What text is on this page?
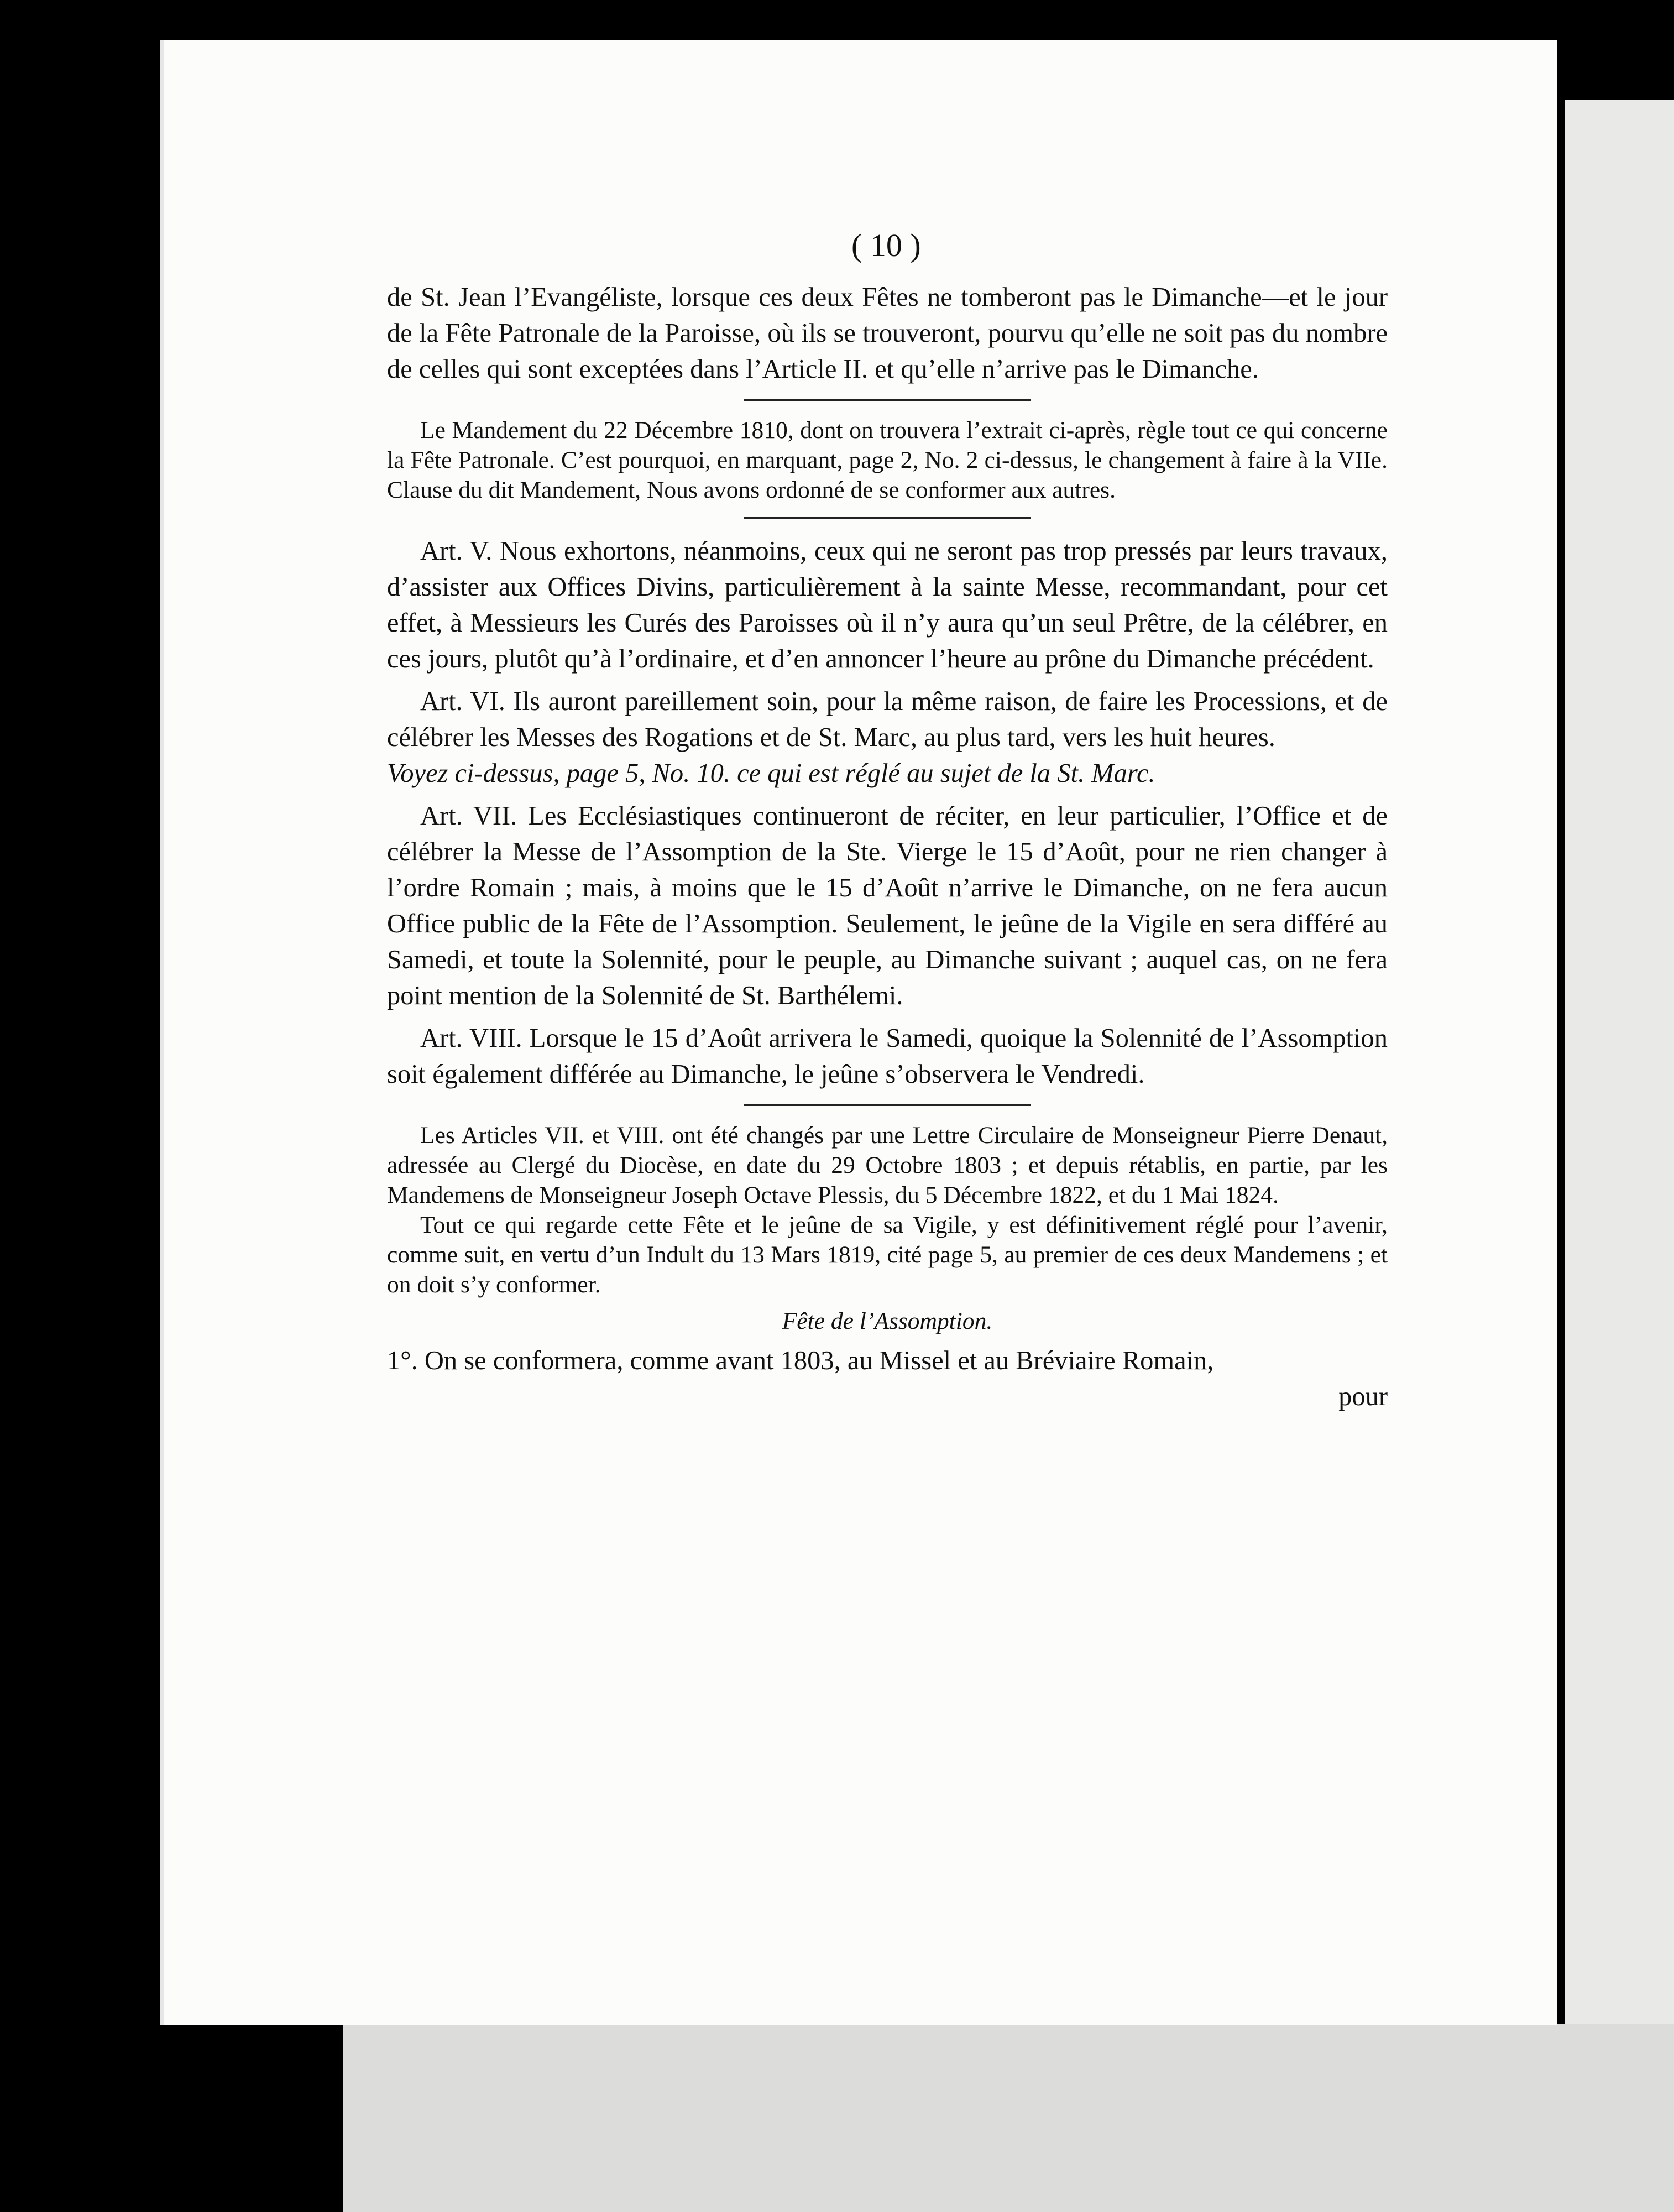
( 10 )

de St. Jean l’Evangéliste, lorsque ces deux Fêtes ne tomberont pas le Dimanche—et le jour de la Fête Patronale de la Paroisse, où ils se trouveront, pourvu qu’elle ne soit pas du nombre de celles qui sont exceptées dans l’Article II. et qu’elle n’arrive pas le Dimanche.

Le Mandement du 22 Décembre 1810, dont on trouvera l’extrait ci-après, règle tout ce qui concerne la Fête Patronale. C’est pourquoi, en marquant, page 2, No. 2 ci-dessus, le changement à faire à la VIIe. Clause du dit Mandement, Nous avons ordonné de se conformer aux autres.

Art. V. Nous exhortons, néanmoins, ceux qui ne seront pas trop pressés par leurs travaux, d’assister aux Offices Divins, particulièrement à la sainte Messe, recommandant, pour cet effet, à Messieurs les Curés des Paroisses où il n’y aura qu’un seul Prêtre, de la célébrer, en ces jours, plutôt qu’à l’ordinaire, et d’en annoncer l’heure au prône du Dimanche précédent.

Art. VI. Ils auront pareillement soin, pour la même raison, de faire les Processions, et de célébrer les Messes des Rogations et de St. Marc, au plus tard, vers les huit heures.

Voyez ci-dessus, page 5, No. 10. ce qui est réglé au sujet de la St. Marc.

Art. VII. Les Ecclésiastiques continueront de réciter, en leur particulier, l’Office et de célébrer la Messe de l’Assomption de la Ste. Vierge le 15 d’Août, pour ne rien changer à l’ordre Romain ; mais, à moins que le 15 d’Août n’arrive le Dimanche, on ne fera aucun Office public de la Fête de l’Assomption. Seulement, le jeûne de la Vigile en sera différé au Samedi, et toute la Solennité, pour le peuple, au Dimanche suivant ; auquel cas, on ne fera point mention de la Solennité de St. Barthélemi.

Art. VIII. Lorsque le 15 d’Août arrivera le Samedi, quoique la Solennité de l’Assomption soit également différée au Dimanche, le jeûne s’observera le Vendredi.

Les Articles VII. et VIII. ont été changés par une Lettre Circulaire de Monseigneur Pierre Denaut, adressée au Clergé du Diocèse, en date du 29 Octobre 1803 ; et depuis rétablis, en partie, par les Mandemens de Monseigneur Joseph Octave Plessis, du 5 Décembre 1822, et du 1 Mai 1824.

Tout ce qui regarde cette Fête et le jeûne de sa Vigile, y est définitivement réglé pour l’avenir, comme suit, en vertu d’un Indult du 13 Mars 1819, cité page 5, au premier de ces deux Mandemens ; et on doit s’y conformer.

Fête de l’Assomption.

1°. On se conformera, comme avant 1803, au Missel et au Bréviaire Romain,

pour
